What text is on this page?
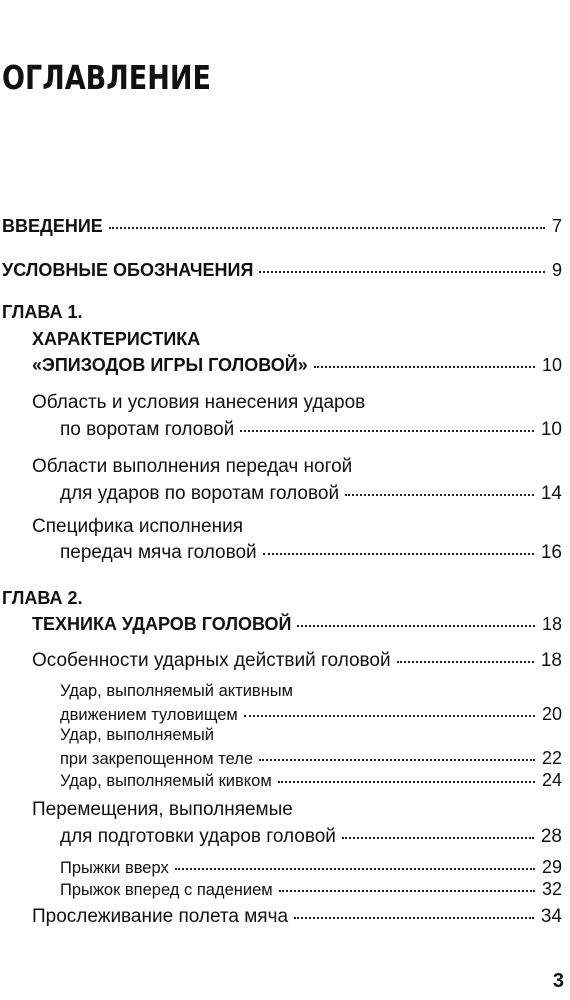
ОГЛАВЛЕНИЕ
ВВЕДЕНИЕ	7
УСЛОВНЫЕ ОБОЗНАЧЕНИЯ	9
ГЛАВА 1.
ХАРАКТЕРИСТИКА
«ЭПИЗОДОВ ИГРЫ ГОЛОВОЙ»	10
Область и условия нанесения ударов
по воротам головой	10
Области выполнения передач ногой
для ударов по воротам головой	14
Специфика исполнения
передач мяча головой	16
ГЛАВА 2.
ТЕХНИКА УДАРОВ ГОЛОВОЙ	18
Особенности ударных действий головой	18
Удар, выполняемый активным
движением туловищем	20
Удар, выполняемый
при закрепощенном теле	22
Удар, выполняемый кивком	24
Перемещения, выполняемые
для подготовки ударов головой	28
Прыжки вверх	29
Прыжок вперед с падением	32
Прослеживание полета мяча	34
3
